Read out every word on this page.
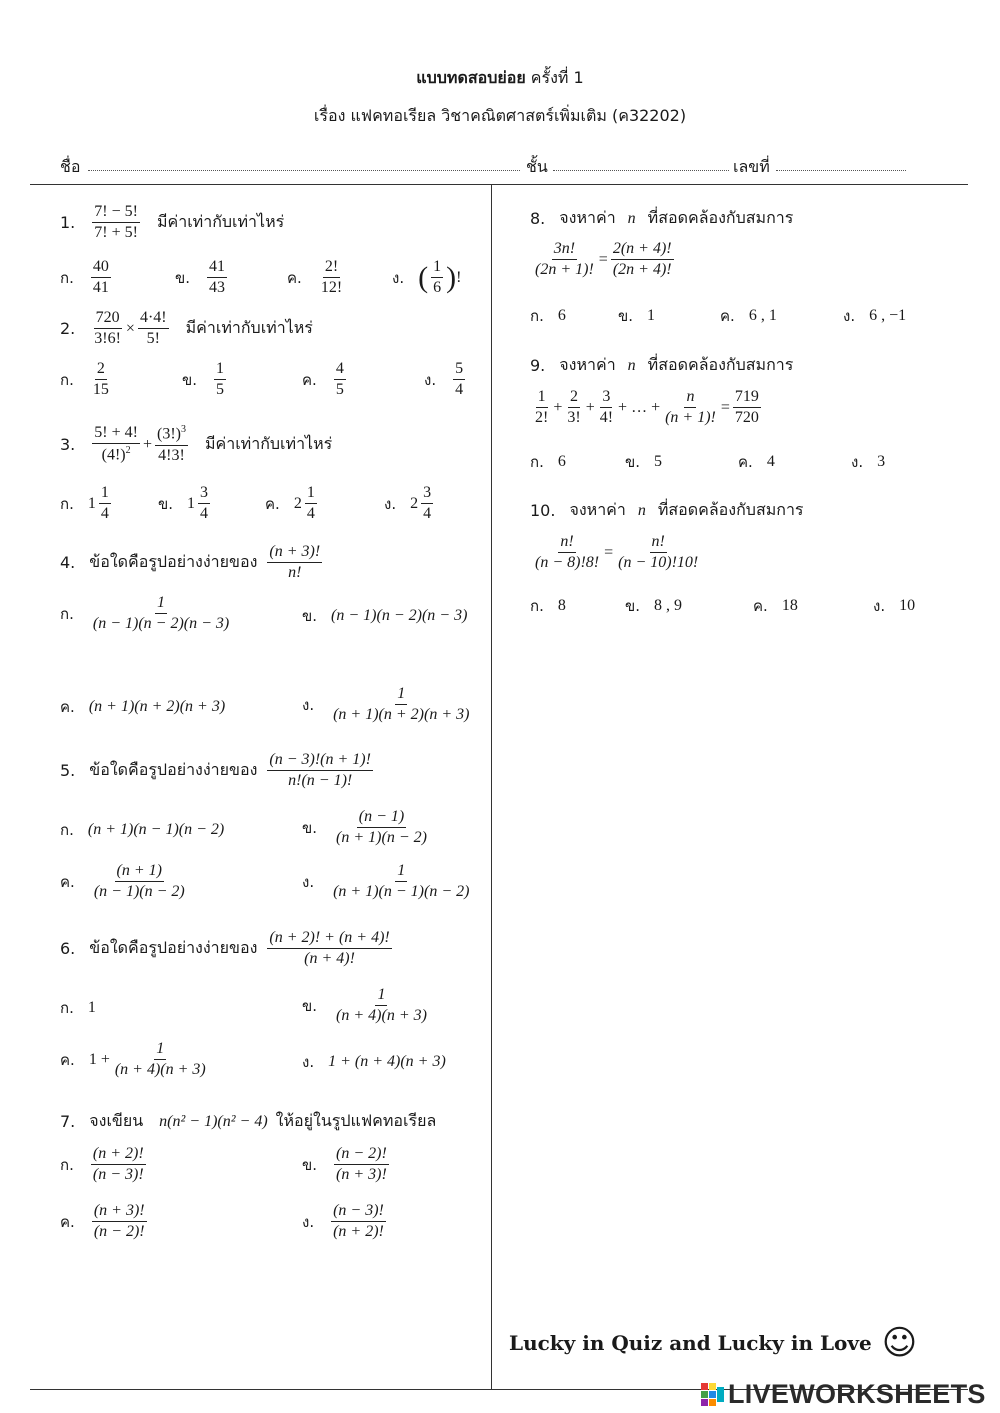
แบบทดสอบย่อย ครั้งที่ 1
เรื่อง แฟคทอเรียล วิชาคณิตศาสตร์เพิ่มเติม (ค32202)
ชื่อ	ชั้น	เลขที่
1. $\frac{7! - 5!}{7! + 5!}$ มีค่าเท่ากับเท่าไหร่
ก. $\frac{40}{41}$	ข. $\frac{41}{43}$	ค. $\frac{2!}{12!}$	ง. ( $\frac{1}{6}$ ) !
2. $\frac{720}{3!6!} \times \frac{4\cdot 4!}{5!}$ มีค่าเท่ากับเท่าไหร่
ก. $\frac{2}{15}$	ข. $\frac{1}{5}$	ค. $\frac{4}{5}$	ง. $\frac{5}{4}$
3. $\frac{5! + 4!}{(4!)^2} + \frac{(3!)^3}{4!3!}$ มีค่าเท่ากับเท่าไหร่
ก. $1 \frac{1}{4}$	ข. $1 \frac{3}{4}$	ค. $2 \frac{1}{4}$	ง. $2 \frac{3}{4}$
4. ข้อใดคือรูปอย่างง่ายของ $\frac{(n + 3)!}{n!}$
ก. $\frac{1}{(n - 1)(n - 2)(n - 3)}$	ข. (n − 1)(n − 2)(n − 3)
ค. (n + 1)(n + 2)(n + 3)	ง. $\frac{1}{(n + 1)(n + 2)(n + 3)}$
5. ข้อใดคือรูปอย่างง่ายของ $\frac{(n - 3)!(n + 1)!}{n!(n - 1)!}$
ก. (n + 1)(n − 1)(n − 2)	ข. $\frac{(n - 1)}{(n + 1)(n - 2)}$
ค. $\frac{(n + 1)}{(n - 1)(n - 2)}$	ง. $\frac{1}{(n + 1)(n - 1)(n - 2)}$
6. ข้อใดคือรูปอย่างง่ายของ $\frac{(n + 2)! + (n + 4)!}{(n + 4)!}$
ก. 1	ข. $\frac{1}{(n + 4)(n + 3)}$
ค. $1 + \frac{1}{(n + 4)(n + 3)}$	ง. 1 + (n + 4)(n + 3)
7. จงเขียน n(n² − 1)(n² − 4) ให้อยู่ในรูปแฟคทอเรียล
ก. $\frac{(n + 2)!}{(n - 3)!}$	ข. $\frac{(n - 2)!}{(n + 3)!}$
ค. $\frac{(n + 3)!}{(n - 2)!}$	ง. $\frac{(n - 3)!}{(n + 2)!}$
8. จงหาค่า n ที่สอดคล้องกับสมการ
$\frac{3n!}{(2n + 1)!} = \frac{2(n + 4)!}{(2n + 4)!}$
ก. 6	ข. 1	ค. 6 , 1	ง. 6 , −1
9. จงหาค่า n ที่สอดคล้องกับสมการ
$\frac{1}{2!} + \frac{2}{3!} + \frac{3}{4!}$ + … + $\frac{n}{(n + 1)!} = \frac{719}{720}$
ก. 6	ข. 5	ค. 4	ง. 3
10. จงหาค่า n ที่สอดคล้องกับสมการ
$\frac{n!}{(n - 8)!8!} = \frac{n!}{(n - 10)!10!}$
ก. 8	ข. 8 , 9	ค. 18	ง. 10
Lucky in Quiz and Lucky in Love ☺
LIVEWORKSHEETS
